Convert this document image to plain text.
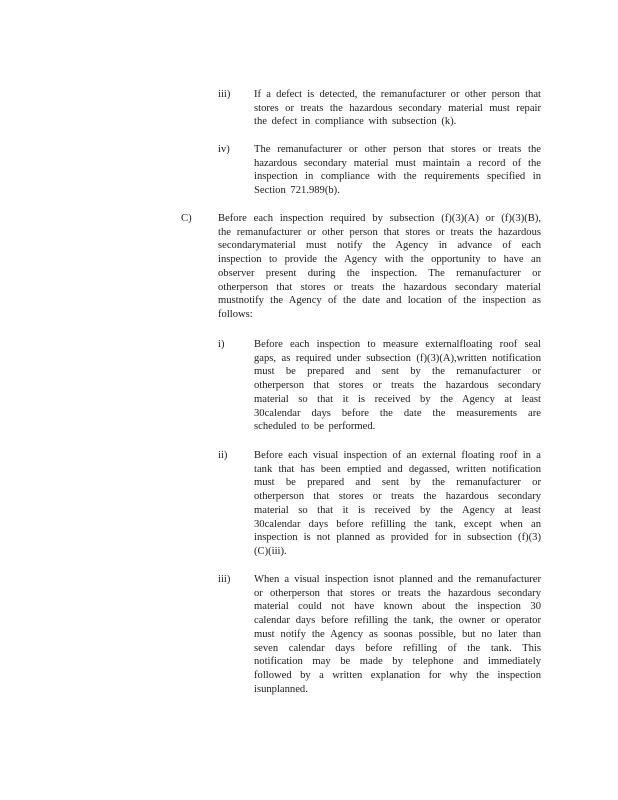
iii) If a defect is detected, the remanufacturer or other person that stores or treats the hazardous secondary material must repair the defect in compliance with subsection (k).

iv) The remanufacturer or other person that stores or treats the hazardous secondary material must maintain a record of the inspection in compliance with the requirements specified in Section 721.989(b).

C) Before each inspection required by subsection (f)(3)(A) or (f)(3)(B), the remanufacturer or other person that stores or treats the hazardous secondarymaterial must notify the Agency in advance of each inspection to provide the Agency with the opportunity to have an observer present during the inspection. The remanufacturer or otherperson that stores or treats the hazardous secondary material mustnotify the Agency of the date and location of the inspection as follows:

i)	Before each inspection to measure externalfloating roof seal gaps, as required under subsection (f)(3)(A),written notification must be prepared and sent by the remanufacturer or otherperson that stores or treats the hazardous secondary material so that it is received by the Agency at least 30calendar days before the date the measurements are scheduled to be performed.

ii)	Before each visual inspection of an external floating roof in a tank that has been emptied and degassed, written notification must be prepared and sent by the remanufacturer or otherperson that stores or treats the hazardous secondary material so that it is received by the Agency at least 30calendar days before refilling the tank, except when an inspection is not planned as provided for in subsection (f)(3)(C)(iii).

iii) When a visual inspection isnot planned and the remanufacturer or otherperson that stores or treats the hazardous secondary material could not have known about the inspection 30 calendar days before refilling the tank, the owner or operator must notify the Agency as soonas possible, but no later than seven calendar days before refilling of the tank. This notification may be made by telephone and immediately followed by a written explanation for why the inspection isunplanned.
